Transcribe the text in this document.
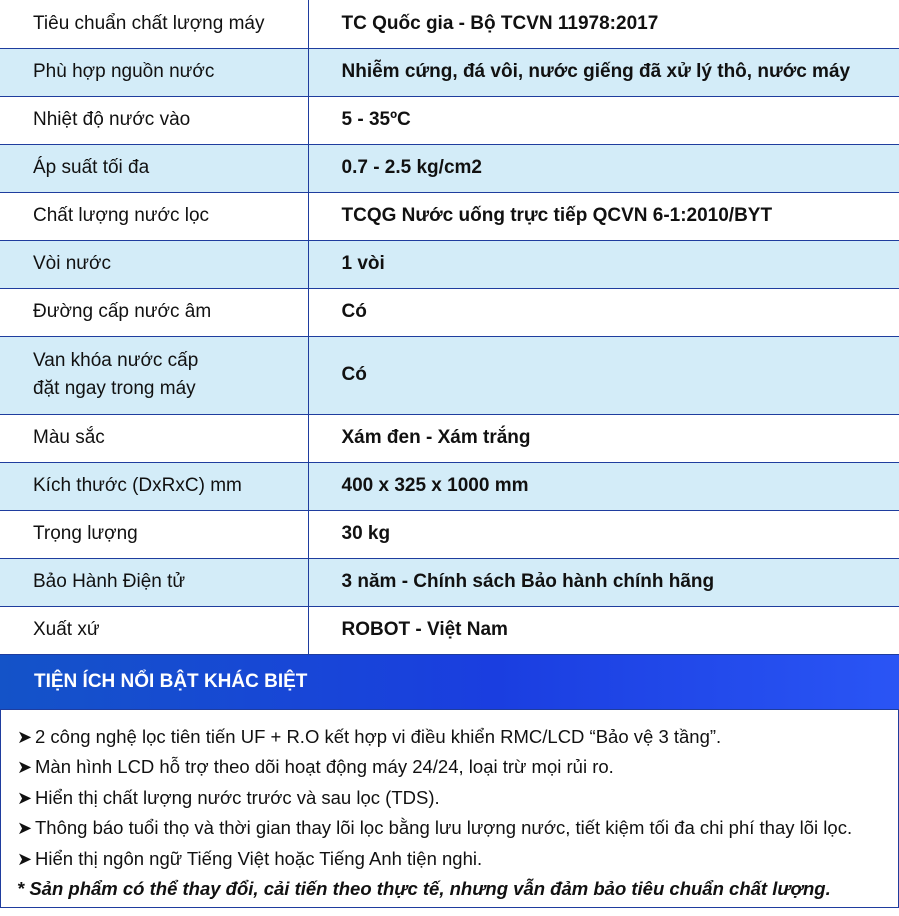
Tiêu chuẩn chất lượng máy	TC Quốc gia - Bộ TCVN 11978:2017

Phù hợp nguồn nước	Nhiễm cứng, đá vôi, nước giếng đã xử lý thô, nước máy

Nhiệt độ nước vào	5 - 35ºC

Áp suất tối đa	0.7 - 2.5 kg/cm2

Chất lượng nước lọc	TCQG Nước uống trực tiếp QCVN 6-1:2010/BYT

Vòi nước	1 vòi

Đường cấp nước âm	Có

Van khóa nước cấp
đặt ngay trong máy	Có

Màu sắc	Xám đen - Xám trắng

Kích thước (DxRxC) mm	400 x 325 x 1000 mm

Trọng lượng	30 kg

Bảo Hành Điện tử	3 năm - Chính sách Bảo hành chính hãng

Xuất xứ	ROBOT - Việt Nam
TIỆN ÍCH NỔI BẬT KHÁC BIỆT
➤ 2 công nghệ lọc tiên tiến UF + R.O kết hợp vi điều khiển RMC/LCD “Bảo vệ 3 tầng”.
➤ Màn hình LCD hỗ trợ theo dõi hoạt động máy 24/24, loại trừ mọi rủi ro.
➤ Hiển thị chất lượng nước trước và sau lọc (TDS).
➤ Thông báo tuổi thọ và thời gian thay lõi lọc bằng lưu lượng nước, tiết kiệm tối đa chi phí thay lõi lọc.
➤ Hiển thị ngôn ngữ Tiếng Việt hoặc Tiếng Anh tiện nghi.
* Sản phẩm có thể thay đổi, cải tiến theo thực tế, nhưng vẫn đảm bảo tiêu chuẩn chất lượng.
